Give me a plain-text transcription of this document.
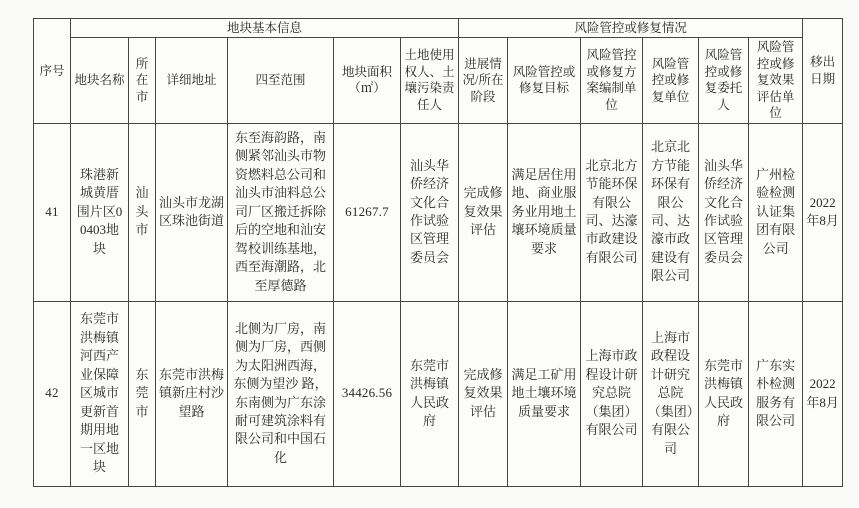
序号	地块基本信息						风险管控或修复情况						移出日期
	地块名称	所在市	详细地址	四至范围	地块面积（㎡）	土地使用权人、土壤污染责任人	进展情况/所在阶段	风险管控或修复目标	风险管控或修复方案编制单位	风险管控或修复单位	风险管控或修复委托人	风险管控或修复效果评估单位	
41	珠港新城黄厝围片区00403地块	汕头市	汕头市龙湖区珠池街道	东至海韵路，南侧紧邻汕头市物资燃料总公司和汕头市油料总公司厂区搬迁拆除后的空地和汕安驾校训练基地，西至海潮路，北至厚德路	61267.7	汕头华侨经济文化合作试验区管理委员会	完成修复效果评估	满足居住用地、商业服务业用地土壤环境质量要求	北京北方节能环保有限公司、达濠市政建设有限公司	北京北方节能环保有限公司、达濠市政建设有限公司	汕头华侨经济文化合作试验区管理委员会	广州检验检测认证集团有限公司	2022年8月
42	东莞市洪梅镇河西产业保障区城市更新首期用地一区地块	东莞市	东莞市洪梅镇新庄村沙望路	北侧为厂房，南侧为厂房，西侧为太阳洲西海，东侧为望沙 路，东南侧为广东涂耐可建筑涂料有限公司和中国石化	34426.56	东莞市洪梅镇人民政府	完成修复效果评估	满足工矿用地土壤环境质量要求	上海市政程设计研究总院（集团）有限公司	上海市政程设计研究总院（集团）有限公司	东莞市洪梅镇人民政府	广东实朴检测服务有限公司	2022年8月
